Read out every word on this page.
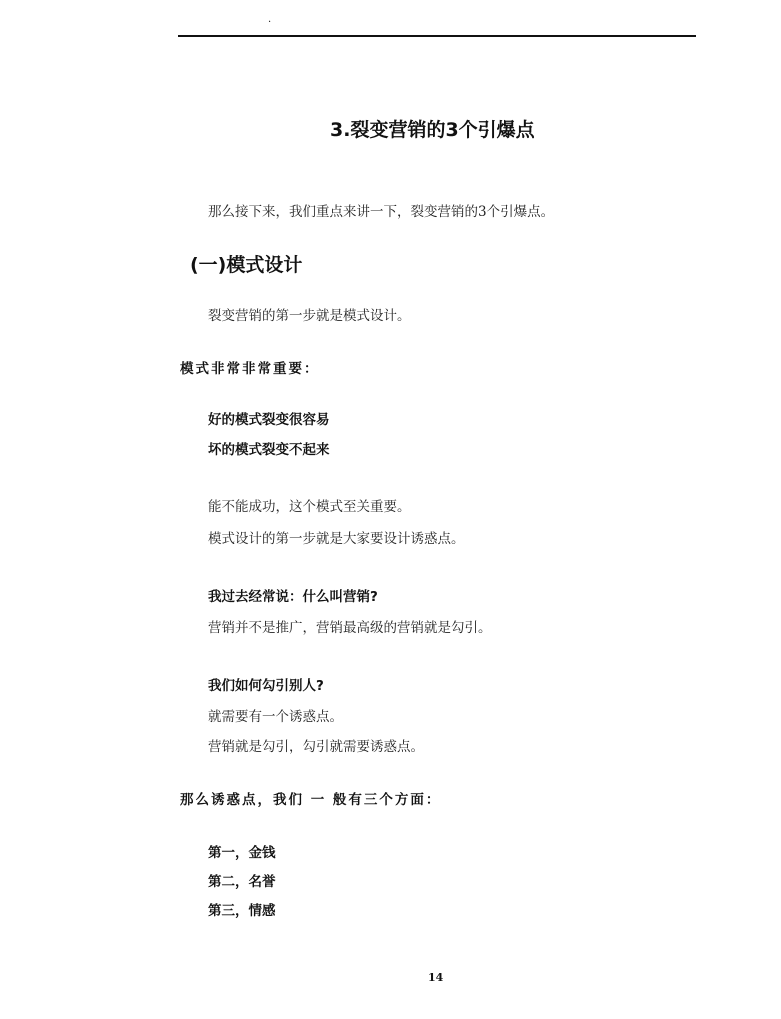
.
3.裂变营销的3个引爆点
那么接下来，我们重点来讲一下，裂变营销的3个引爆点。
(一)模式设计
裂变营销的第一步就是模式设计。
模式非常非常重要：
好的模式裂变很容易
坏的模式裂变不起来
能不能成功，这个模式至关重要。
模式设计的第一步就是大家要设计诱惑点。
我过去经常说：什么叫营销?
营销并不是推广，营销最高级的营销就是勾引。
我们如何勾引别人?
就需要有一个诱惑点。
营销就是勾引，勾引就需要诱惑点。
那么诱惑点，我们 一 般有三个方面：
第一，金钱
第二，名誉
第三，情感
14
